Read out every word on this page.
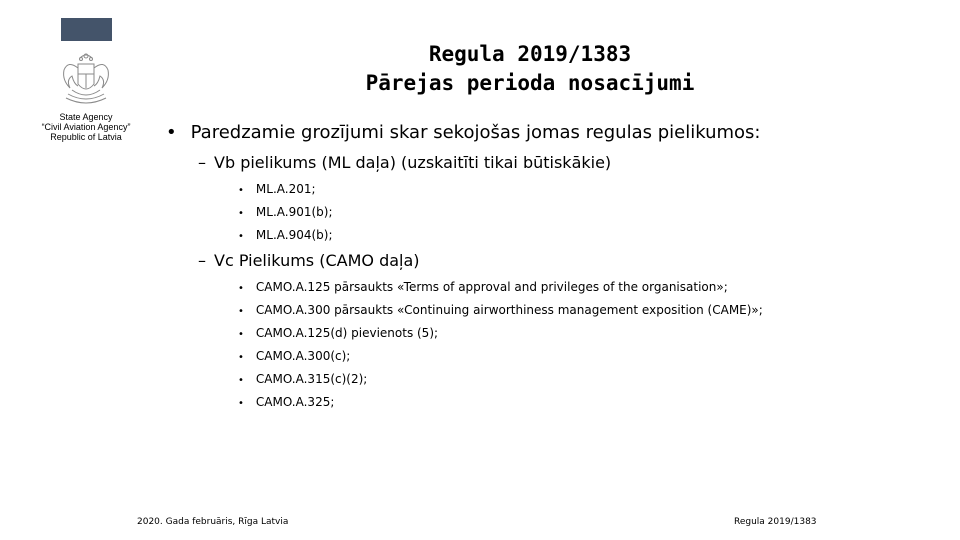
State Agency
“Civil Aviation Agency”
Republic of Latvia
Regula 2019/1383
Pārejas perioda nosacījumi
• Paredzamie grozījumi skar sekojošas jomas regulas pielikumos:
– Vb pielikums (ML daļa) (uzskaitīti tikai būtiskākie)
• ML.A.201;
• ML.A.901(b);
• ML.A.904(b);
– Vc Pielikums (CAMO daļa)
• CAMO.A.125 pārsaukts «Terms of approval and privileges of the organisation»;
• CAMO.A.300 pārsaukts «Continuing airworthiness management exposition (CAME)»;
• CAMO.A.125(d) pievienots (5);
• CAMO.A.300(c);
• CAMO.A.315(c)(2);
• CAMO.A.325;
2020. Gada februāris, Rīga Latvia	Regula 2019/1383
